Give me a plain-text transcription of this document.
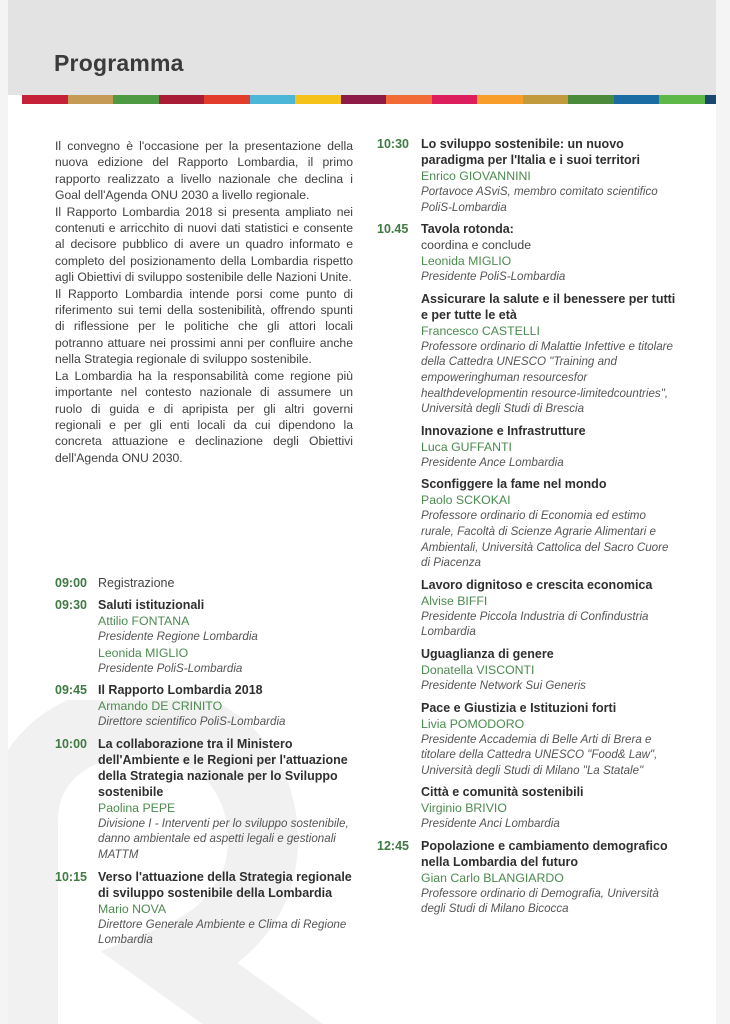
Programma

Il convegno è l'occasione per la presentazione della nuova edizione del Rapporto Lombardia, il primo rapporto realizzato a livello nazionale che declina i Goal dell'Agenda ONU 2030 a livello regionale.

Il Rapporto Lombardia 2018 si presenta ampliato nei contenuti e arricchito di nuovi dati statistici e consente al decisore pubblico di avere un quadro informato e completo del posizionamento della Lombardia rispetto agli Obiettivi di sviluppo sostenibile delle Nazioni Unite.

Il Rapporto Lombardia intende porsi come punto di riferimento sui temi della sostenibilità, offrendo spunti di riflessione per le politiche che gli attori locali potranno attuare nei prossimi anni per confluire anche nella Strategia regionale di sviluppo sostenibile.

La Lombardia ha la responsabilità come regione più importante nel contesto nazionale di assumere un ruolo di guida e di apripista per gli altri governi regionali e per gli enti locali da cui dipendono la concreta attuazione e declinazione degli Obiettivi dell'Agenda ONU 2030.

09:00 Registrazione
09:30 Saluti istituzionali
Attilio FONTANA
Presidente Regione Lombardia
Leonida MIGLIO
Presidente PoliS-Lombardia
09:45 Il Rapporto Lombardia 2018
Armando DE CRINITO
Direttore scientifico PoliS-Lombardia
10:00 La collaborazione tra il Ministero dell'Ambiente e le Regioni per l'attuazione della Strategia nazionale per lo Sviluppo sostenibile
Paolina PEPE
Divisione I - Interventi per lo sviluppo sostenibile, danno ambientale ed aspetti legali e gestionali MATTM
10:15 Verso l'attuazione della Strategia regionale di sviluppo sostenibile della Lombardia
Mario NOVA
Direttore Generale Ambiente e Clima di Regione Lombardia
10:30 Lo sviluppo sostenibile: un nuovo paradigma per l'Italia e i suoi territori
Enrico GIOVANNINI
Portavoce ASviS, membro comitato scientifico PoliS-Lombardia
10.45	Tavola rotonda:
coordina e conclude
Leonida MIGLIO
Presidente PoliS-Lombardia
Assicurare la salute e il benessere per tutti e per tutte le età
Francesco CASTELLI
Professore ordinario di Malattie Infettive e titolare della Cattedra UNESCO "Training and empoweringhuman resourcesfor healthdevelopmentin resource-limitedcountries", Università degli Studi di Brescia
Innovazione e Infrastrutture
Luca GUFFANTI
Presidente Ance Lombardia
Sconfiggere la fame nel mondo
Paolo SCKOKAI
Professore ordinario di Economia ed estimo rurale, Facoltà di Scienze Agrarie Alimentari e Ambientali, Università Cattolica del Sacro Cuore di Piacenza
Lavoro dignitoso e crescita economica
Alvise BIFFI
Presidente Piccola Industria di Confindustria Lombardia
Uguaglianza di genere
Donatella VISCONTI
Presidente Network Sui Generis
Pace e Giustizia e Istituzioni forti
Livia POMODORO
Presidente Accademia di Belle Arti di Brera e titolare della Cattedra UNESCO "Food& Law", Università degli Studi di Milano "La Statale"
Città e comunità sostenibili
Virginio BRIVIO
Presidente Anci Lombardia
12:45 Popolazione e cambiamento demografico nella Lombardia del futuro
Gian Carlo BLANGIARDO
Professore ordinario di Demografia, Università degli Studi di Milano Bicocca
